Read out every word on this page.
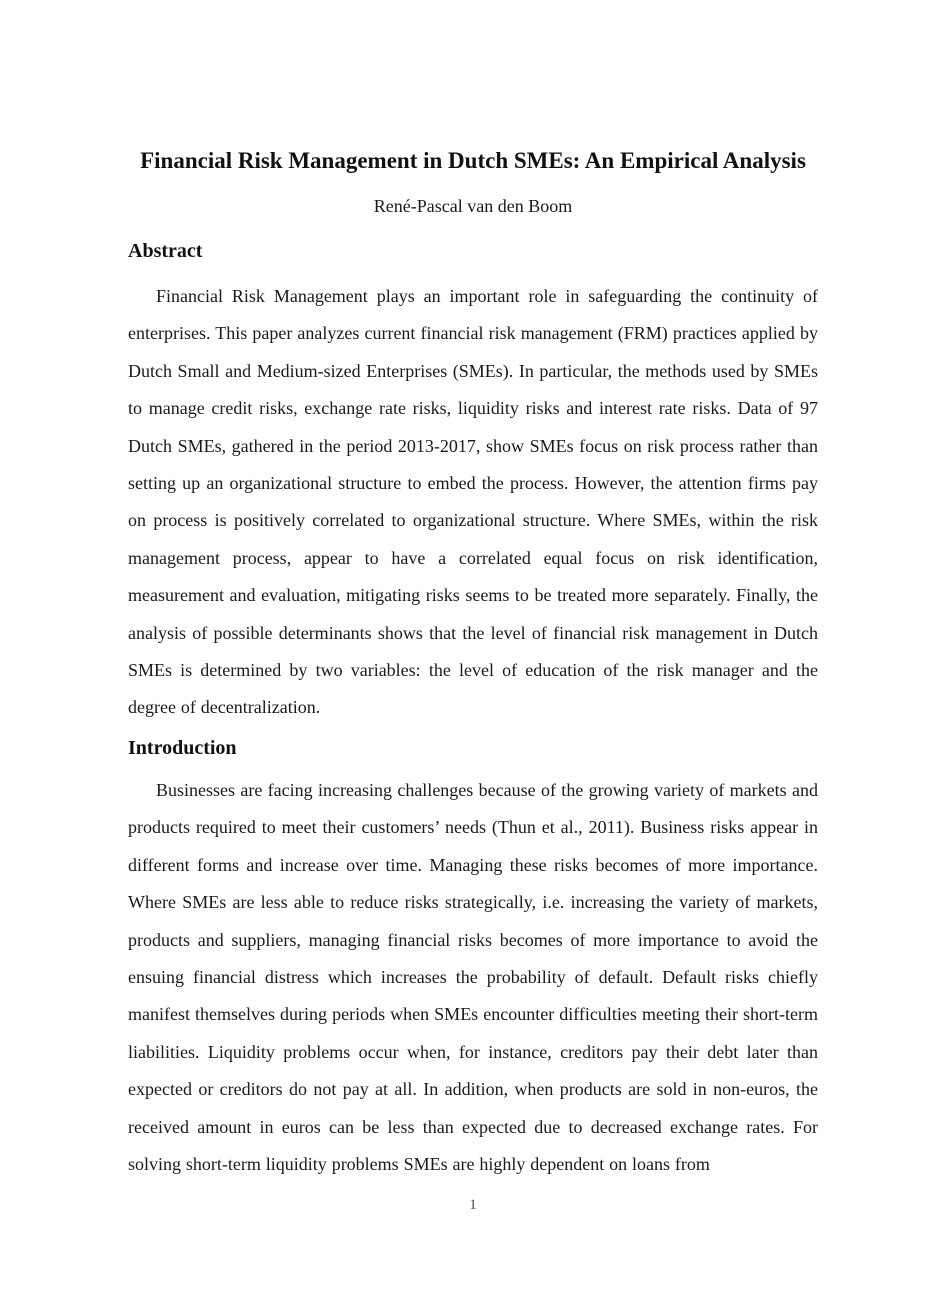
Financial Risk Management in Dutch SMEs: An Empirical Analysis
René-Pascal van den Boom
Abstract

Financial Risk Management plays an important role in safeguarding the continuity of enterprises. This paper analyzes current financial risk management (FRM) practices applied by Dutch Small and Medium-sized Enterprises (SMEs). In particular, the methods used by SMEs to manage credit risks, exchange rate risks, liquidity risks and interest rate risks. Data of 97 Dutch SMEs, gathered in the period 2013-2017, show SMEs focus on risk process rather than setting up an organizational structure to embed the process. However, the attention firms pay on process is positively correlated to organizational structure. Where SMEs, within the risk management process, appear to have a correlated equal focus on risk identification, measurement and evaluation, mitigating risks seems to be treated more separately. Finally, the analysis of possible determinants shows that the level of financial risk management in Dutch SMEs is determined by two variables: the level of education of the risk manager and the degree of decentralization.

Introduction

Businesses are facing increasing challenges because of the growing variety of markets and products required to meet their customers’ needs (Thun et al., 2011). Business risks appear in different forms and increase over time. Managing these risks becomes of more importance. Where SMEs are less able to reduce risks strategically, i.e. increasing the variety of markets, products and suppliers, managing financial risks becomes of more importance to avoid the ensuing financial distress which increases the probability of default. Default risks chiefly manifest themselves during periods when SMEs encounter difficulties meeting their short-term liabilities. Liquidity problems occur when, for instance, creditors pay their debt later than expected or creditors do not pay at all. In addition, when products are sold in non-euros, the received amount in euros can be less than expected due to decreased exchange rates. For solving short-term liquidity problems SMEs are highly dependent on loans from

1
